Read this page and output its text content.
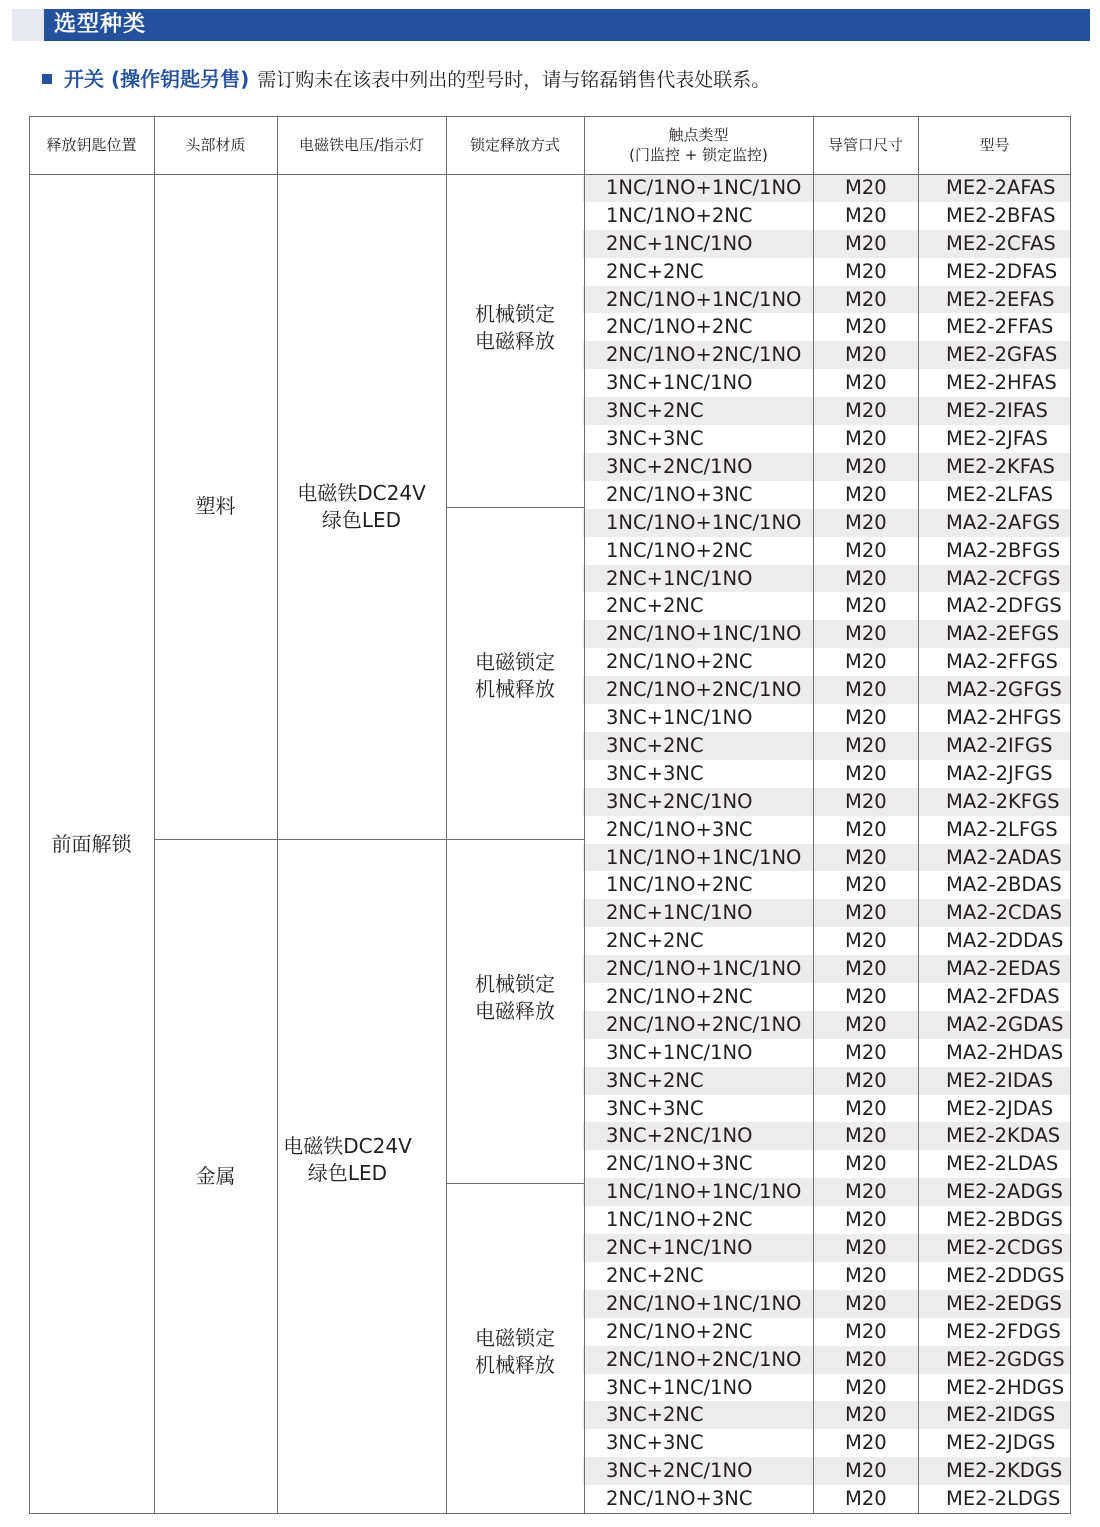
选型种类
开关 (操作钥匙另售) 需订购未在该表中列出的型号时，请与铭磊销售代表处联系。
释放钥匙位置	头部材质	电磁铁电压/指示灯	锁定释放方式
触点类型
(门监控 + 锁定监控)
导管口尺寸	型号
前面解锁
塑料
金属
电磁铁DC24V
绿色LED
电磁铁DC24V
绿色LED
机械锁定
电磁释放
电磁锁定
机械释放
机械锁定
电磁释放
电磁锁定
机械释放
1NC/1NO+1NC/1NO M20	ME2-2AFAS
1NC/1NO+2NC	M20	ME2-2BFAS
2NC+1NC/1NO	M20	ME2-2CFAS
2NC+2NC	M20	ME2-2DFAS
2NC/1NO+1NC/1NO M20	ME2-2EFAS
2NC/1NO+2NC	M20	ME2-2FFAS
2NC/1NO+2NC/1NO M20	ME2-2GFAS
3NC+1NC/1NO	M20	ME2-2HFAS
3NC+2NC	M20	ME2-2IFAS
3NC+3NC	M20	ME2-2JFAS
3NC+2NC/1NO	M20	ME2-2KFAS
2NC/1NO+3NC	M20	ME2-2LFAS
1NC/1NO+1NC/1NO M20	MA2-2AFGS
1NC/1NO+2NC	M20	MA2-2BFGS
2NC+1NC/1NO	M20	MA2-2CFGS
2NC+2NC	M20	MA2-2DFGS
2NC/1NO+1NC/1NO M20	MA2-2EFGS
2NC/1NO+2NC	M20	MA2-2FFGS
2NC/1NO+2NC/1NO M20	MA2-2GFGS
3NC+1NC/1NO	M20	MA2-2HFGS
3NC+2NC	M20	MA2-2IFGS
3NC+3NC	M20	MA2-2JFGS
3NC+2NC/1NO	M20	MA2-2KFGS
2NC/1NO+3NC	M20	MA2-2LFGS
1NC/1NO+1NC/1NO M20	MA2-2ADAS
1NC/1NO+2NC	M20	MA2-2BDAS
2NC+1NC/1NO	M20	MA2-2CDAS
2NC+2NC	M20	MA2-2DDAS
2NC/1NO+1NC/1NO M20	MA2-2EDAS
2NC/1NO+2NC	M20	MA2-2FDAS
2NC/1NO+2NC/1NO M20	MA2-2GDAS
3NC+1NC/1NO	M20	MA2-2HDAS
3NC+2NC	M20	ME2-2IDAS
3NC+3NC	M20	ME2-2JDAS
3NC+2NC/1NO	M20	ME2-2KDAS
2NC/1NO+3NC	M20	ME2-2LDAS
1NC/1NO+1NC/1NO M20	ME2-2ADGS
1NC/1NO+2NC	M20	ME2-2BDGS
2NC+1NC/1NO	M20	ME2-2CDGS
2NC+2NC	M20	ME2-2DDGS
2NC/1NO+1NC/1NO M20	ME2-2EDGS
2NC/1NO+2NC	M20	ME2-2FDGS
2NC/1NO+2NC/1NO M20	ME2-2GDGS
3NC+1NC/1NO	M20	ME2-2HDGS
3NC+2NC	M20	ME2-2IDGS
3NC+3NC	M20	ME2-2JDGS
3NC+2NC/1NO	M20	ME2-2KDGS
2NC/1NO+3NC	M20	ME2-2LDGS
